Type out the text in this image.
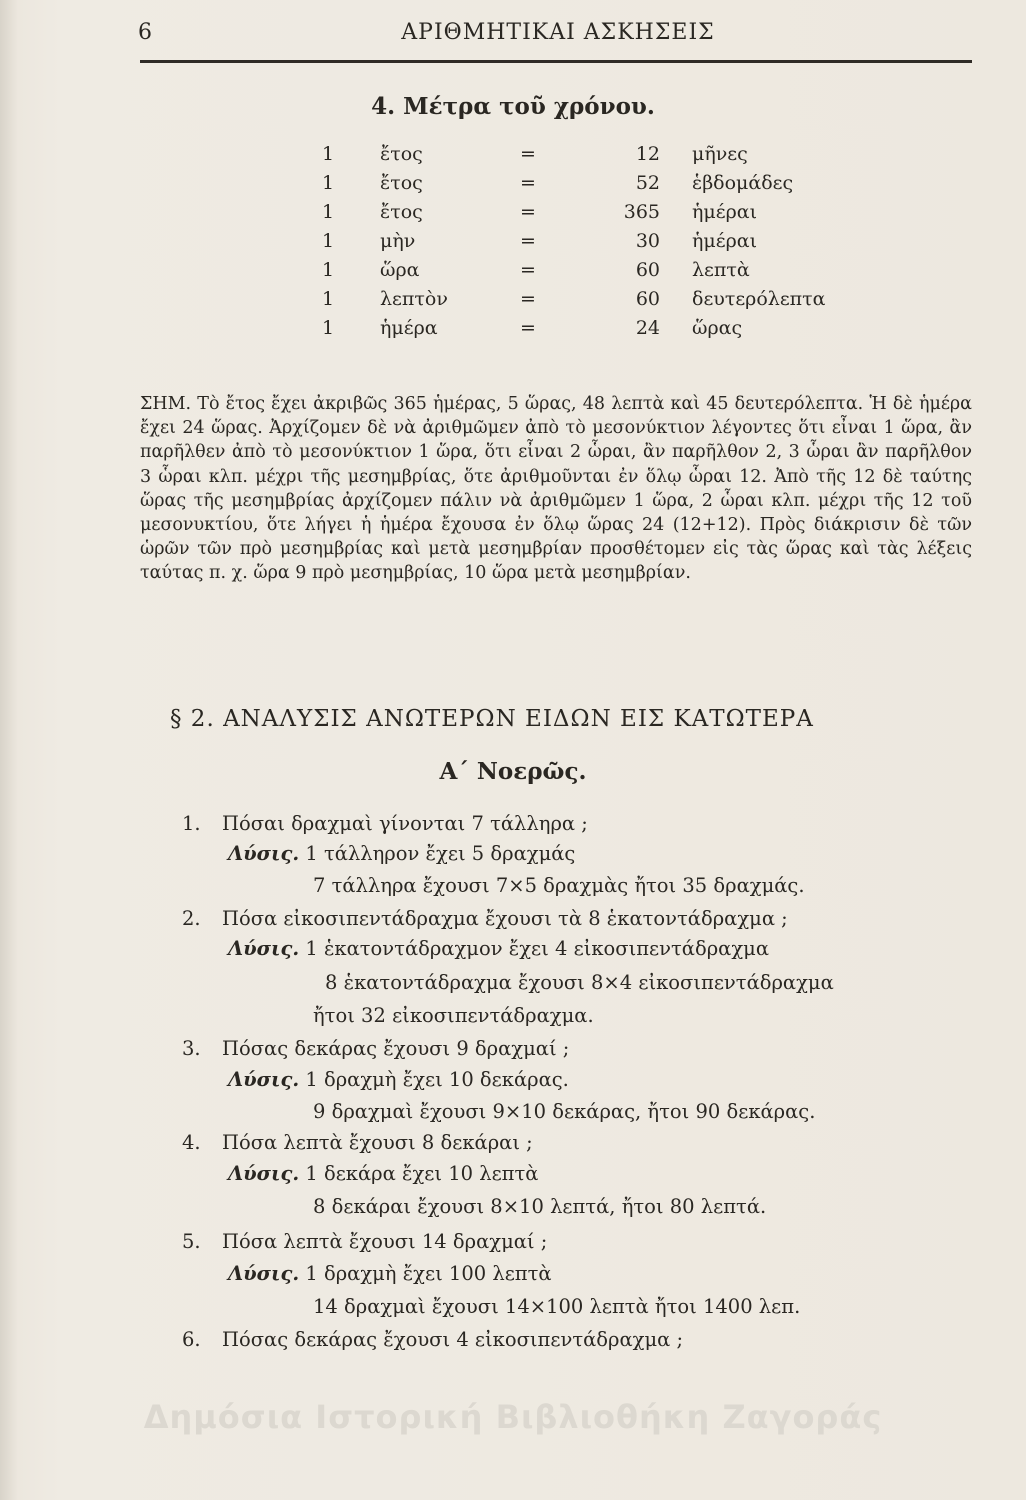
6	ΑΡΙΘΜΗΤΙΚΑΙ ΑΣΚΗΣΕΙΣ
4. Μέτρα τοῦ χρόνου.
1 ἔτος	=	12 μῆνες
1 ἔτος	=	52 ἑβδομάδες
1 ἔτος	=	365 ἡμέραι
1 μὴν	=	30 ἡμέραι
1 ὥρα	=	60 λεπτὰ
1 λεπτὸν	=	60 δευτερόλεπτα
1 ἡμέρα	=	24 ὥρας
ΣΗΜ. Τὸ ἔτος ἔχει ἀκριβῶς 365 ἡμέρας, 5 ὥρας, 48 λεπτὰ καὶ 45 δευτερόλεπτα. Ἡ δὲ ἡμέρα ἔχει 24 ὥρας. Ἀρχίζομεν δὲ νὰ ἀριθμῶμεν ἀπὸ τὸ μεσονύκτιον λέγοντες ὅτι εἶναι 1 ὥρα, ἂν παρῆλθεν ἀπὸ τὸ μεσονύκτιον 1 ὥρα, ὅτι εἶναι 2 ὧραι, ἂν παρῆλθον 2, 3 ὧραι ἂν παρῆλθον 3 ὧραι κλπ. μέχρι τῆς μεσημβρίας, ὅτε ἀριθμοῦνται ἐν ὅλῳ ὧραι 12. Ἀπὸ τῆς 12 δὲ ταύτης ὥρας τῆς μεσημβρίας ἀρχίζομεν πάλιν νὰ ἀριθμῶμεν 1 ὥρα, 2 ὧραι κλπ. μέχρι τῆς 12 τοῦ μεσονυκτίου, ὅτε λήγει ἡ ἡμέρα ἔχουσα ἐν ὅλῳ ὥρας 24 (12+12). Πρὸς διάκρισιν δὲ τῶν ὡρῶν τῶν πρὸ μεσημβρίας καὶ μετὰ μεσημβρίαν προσθέτομεν εἰς τὰς ὥρας καὶ τὰς λέξεις ταύτας π. χ. ὥρα 9 πρὸ μεσημβρίας, 10 ὥρα μετὰ μεσημβρίαν.
§ 2. ΑΝΑΛΥΣΙΣ ΑΝΩΤΕΡΩΝ ΕΙΔΩΝ ΕΙΣ ΚΑΤΩΤΕΡΑ
Α΄ Νοερῶς.
1. Πόσαι δραχμαὶ γίνονται 7 τάλληρα ;
Λύσις. 1 τάλληρον ἔχει 5 δραχμάς
7 τάλληρα ἔχουσι 7×5 δραχμὰς ἤτοι 35 δραχμάς.
2. Πόσα εἰκοσιπεντάδραχμα ἔχουσι τὰ 8 ἑκατοντάδραχμα ;
Λύσις. 1 ἑκατοντάδραχμον ἔχει 4 εἰκοσιπεντάδραχμα
8 ἑκατοντάδραχμα ἔχουσι 8×4 εἰκοσιπεντάδραχμα
ἤτοι 32 εἰκοσιπεντάδραχμα.
3. Πόσας δεκάρας ἔχουσι 9 δραχμαί ;
Λύσις. 1 δραχμὴ ἔχει 10 δεκάρας.
9 δραχμαὶ ἔχουσι 9×10 δεκάρας, ἤτοι 90 δεκάρας.
4. Πόσα λεπτὰ ἔχουσι 8 δεκάραι ;
Λύσις. 1 δεκάρα ἔχει 10 λεπτὰ
8 δεκάραι ἔχουσι 8×10 λεπτά, ἤτοι 80 λεπτά.
5. Πόσα λεπτὰ ἔχουσι 14 δραχμαί ;
Λύσις. 1 δραχμὴ ἔχει 100 λεπτὰ
14 δραχμαὶ ἔχουσι 14×100 λεπτὰ ἤτοι 1400 λεπ.
6. Πόσας δεκάρας ἔχουσι 4 εἰκοσιπεντάδραχμα ;
Δημόσια Ιστορική Βιβλιοθήκη Ζαγοράς
